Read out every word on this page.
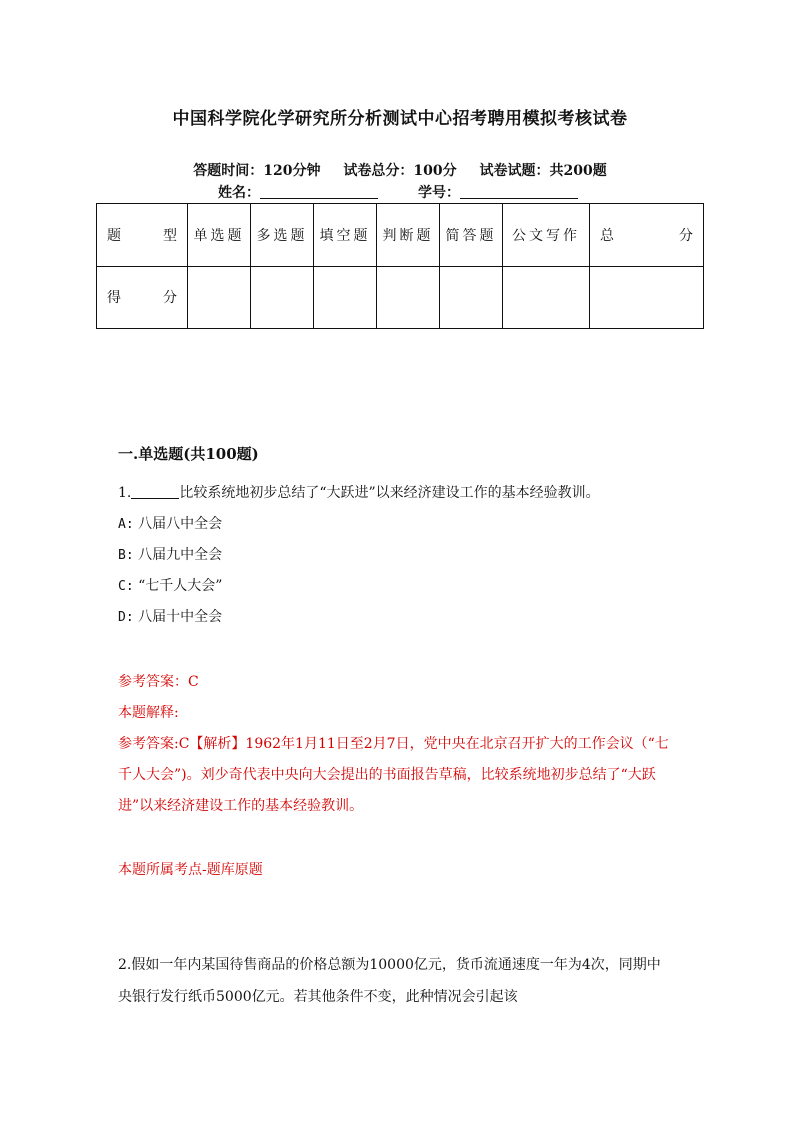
中国科学院化学研究所分析测试中心招考聘用模拟考核试卷
答题时间：120分钟 试卷总分：100分 试卷试题：共200题
姓名：	学号：
题　　型	单选题	多选题	填空题	判断题	简答题	公文写作	总分
得　　分							
一.单选题(共100题)
1.	比较系统地初步总结了“大跃进”以来经济建设工作的基本经验教训。
A: 八届八中全会
B: 八届九中全会
C: “七千人大会”
D: 八届十中全会
参考答案：C
本题解释:
参考答案:C【解析】1962年1月11日至2月7日，党中央在北京召开扩大的工作会议（“七千人大会”)。刘少奇代表中央向大会提出的书面报告草稿，比较系统地初步总结了“大跃进”以来经济建设工作的基本经验教训。
本题所属考点-题库原题
2.假如一年内某国待售商品的价格总额为10000亿元，货币流通速度一年为4次，同期中 央银行发行纸币5000亿元。若其他条件不变，此种情况会引起该
